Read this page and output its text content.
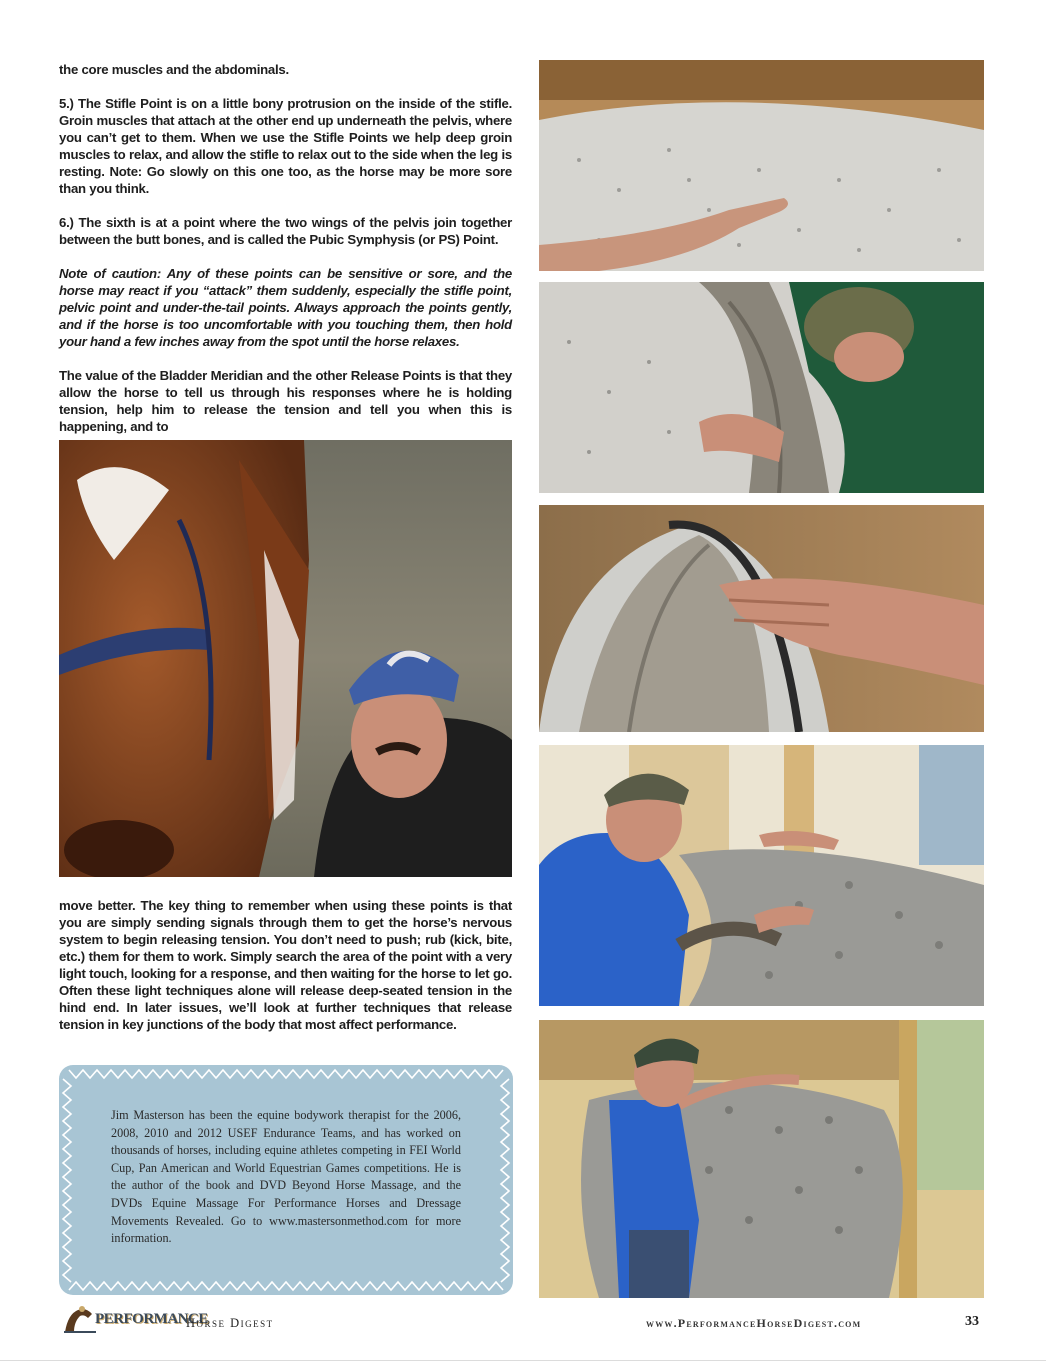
the core muscles and the abdominals.

5.) The Stifle Point is on a little bony protrusion on the inside of the stifle. Groin muscles that attach at the other end up underneath the pelvis, where you can’t get to them. When we use the Stifle Points we help deep groin muscles to relax, and allow the stifle to relax out to the side when the leg is resting. Note: Go slowly on this one too, as the horse may be more sore than you think.

6.) The sixth is at a point where the two wings of the pelvis join together between the butt bones, and is called the Pubic Symphysis (or PS) Point.

Note of caution: Any of these points can be sensitive or sore, and the horse may react if you “attack” them suddenly, especially the stifle point, pelvic point and under-the-tail points. Always approach the points gently, and if the horse is too uncomfortable with you touching them, then hold your hand a few inches away from the spot until the horse relaxes.

The value of the Bladder Meridian and the other Release Points is that they allow the horse to tell us through his responses where he is holding tension, help him to release the tension and tell you when this is happening, and to

move better. The key thing to remember when using these points is that you are simply sending signals through them to get the horse’s nervous system to begin releasing tension. You don’t need to push; rub (kick, bite, etc.) them for them to work. Simply search the area of the point with a very light touch, looking for a response, and then waiting for the horse to let go. Often these light techniques alone will release deep-seated tension in the hind end. In later issues, we’ll look at further techniques that release tension in key junctions of the body that most affect performance.

Jim Masterson has been the equine bodywork therapist for the 2006, 2008, 2010 and 2012 USEF Endurance Teams, and has worked on thousands of horses, including equine athletes competing in FEI World Cup, Pan American and World Equestrian Games competitions. He is the author of the book and DVD Beyond Horse Massage, and the DVDs Equine Massage For Performance Horses and Dressage Movements Revealed. Go to www.mastersonmethod.com for more information.
PERFORMANCE
Horse Digest	www.PerformanceHorseDigest.com	33
